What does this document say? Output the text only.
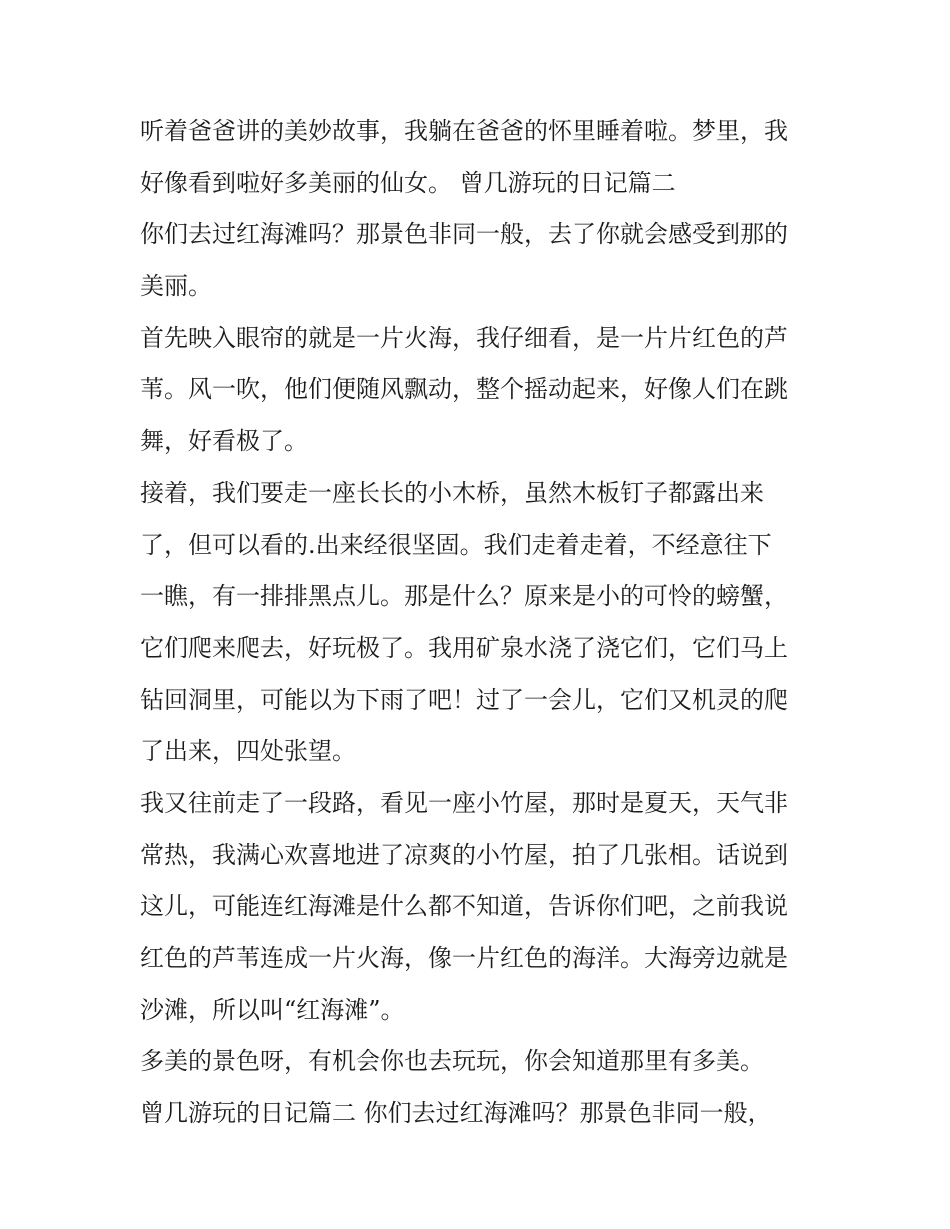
听着爸爸讲的美妙故事，我躺在爸爸的怀里睡着啦。梦里，我
好像看到啦好多美丽的仙女。 曾几游玩的日记篇二
你们去过红海滩吗？那景色非同一般，去了你就会感受到那的
美丽。
首先映入眼帘的就是一片火海，我仔细看，是一片片红色的芦
苇。风一吹，他们便随风飘动，整个摇动起来，好像人们在跳
舞，好看极了。
接着，我们要走一座长长的小木桥，虽然木板钉子都露出来
了，但可以看的.出来经很坚固。我们走着走着，不经意往下
一瞧，有一排排黑点儿。那是什么？原来是小的可怜的螃蟹，
它们爬来爬去，好玩极了。我用矿泉水浇了浇它们，它们马上
钻回洞里，可能以为下雨了吧！过了一会儿，它们又机灵的爬
了出来，四处张望。
我又往前走了一段路，看见一座小竹屋，那时是夏天，天气非
常热，我满心欢喜地进了凉爽的小竹屋，拍了几张相。话说到
这儿，可能连红海滩是什么都不知道，告诉你们吧，之前我说
红色的芦苇连成一片火海，像一片红色的海洋。大海旁边就是
沙滩，所以叫“红海滩”。
多美的景色呀，有机会你也去玩玩，你会知道那里有多美。
曾几游玩的日记篇二 你们去过红海滩吗？那景色非同一般，
